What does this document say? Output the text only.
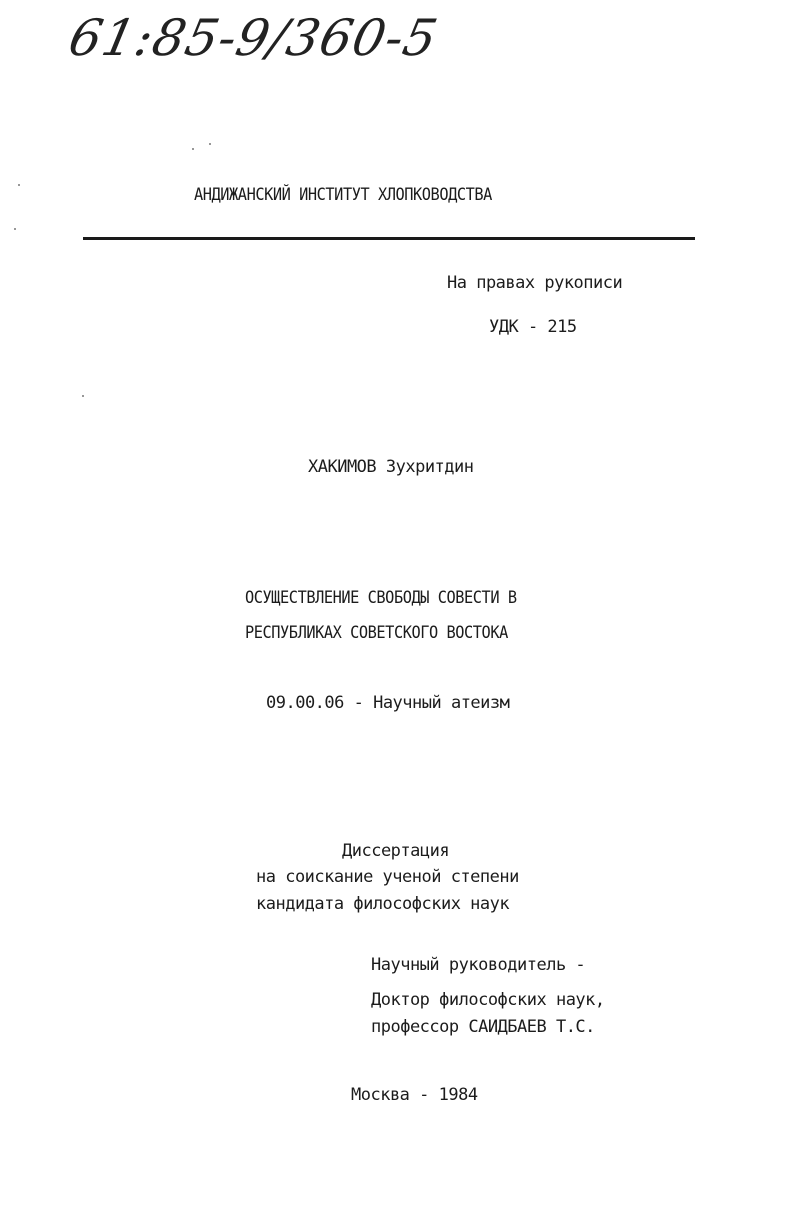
61:85-9/360-5
АНДИЖАНСКИЙ ИНСТИТУТ ХЛОПКОВОДСТВА
На правах рукописи
УДК - 215
ХАКИМОВ Зухритдин
ОСУЩЕСТВЛЕНИЕ СВОБОДЫ СОВЕСТИ В
РЕСПУБЛИКАХ СОВЕТСКОГО ВОСТОКА
09.00.06 - Научный атеизм
Диссертация
на соискание ученой степени
кандидата философских наук
Научный руководитель -
Доктор философских наук,
профессор САИДБАЕВ Т.С.
Москва - 1984
